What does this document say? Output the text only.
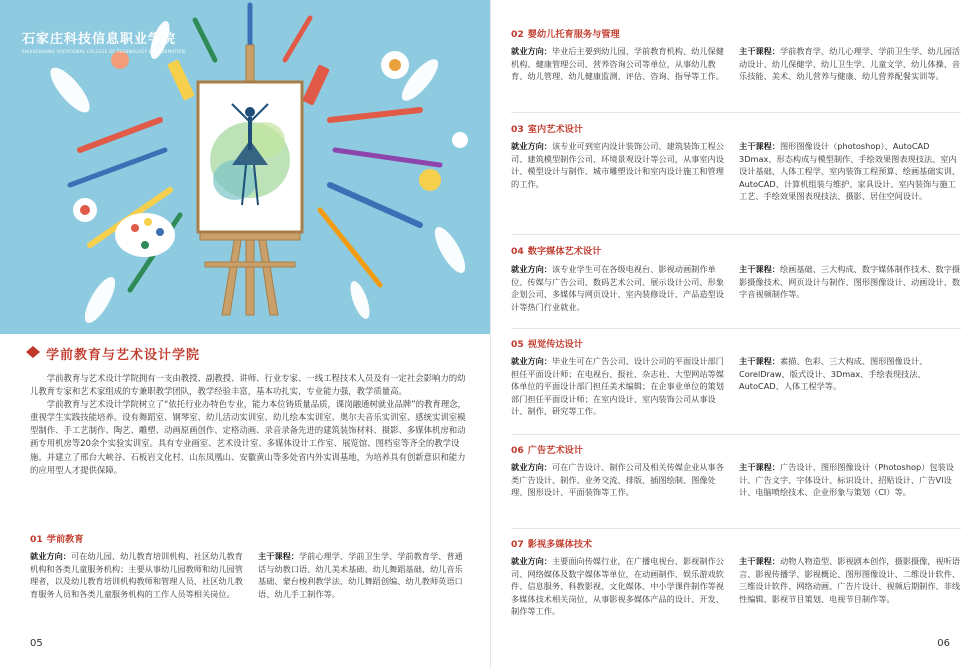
石家庄科技信息职业学院
SHIJIAZHUANG VOCATIONAL COLLEGE OF TECHNOLOGY & INFORMATION
学前教育与艺术设计学院

学前教育与艺术设计学院拥有一支由教授、副教授、讲师、行业专家、一线工程技术人员及有一定社会影响力的幼儿教育专家和艺术家组成的专兼职教学团队，教学经验丰富，基本功扎实，专业能力强，教学质量高。

学前教育与艺术设计学院树立了“依托行业办特色专业，能力本位铸质量品质，课岗融通树就业品牌”的教育理念，重视学生实践技能培养。设有舞蹈室、钢琴室、幼儿活动实训室、幼儿绘本实训室、奥尔夫音乐实训室、感统实训室模型制作、手工艺制作、陶艺、雕塑、动画原画创作、定格动画、录音录备先进的建筑装饰材料、摄影、多媒体机房和动画专用机房等20余个实验实训室。具有专业画室、艺术设计室、多媒体设计工作室、展览馆、图档室等齐全的教学设施。并建立了邢台大峡谷、石板岩文化村、山东凤凰山、安徽黄山等多处省内外实训基地，为培养具有创新意识和能力的应用型人才提供保障。

01 学前教育
就业方向：可在幼儿园、幼儿教育培训机构、社区幼儿教育机构和各类儿童服务机构；主要从事幼儿园教师和幼儿园管理者，以及幼儿教育培训机构教师和管理人员、社区幼儿教育服务人员和各类儿童服务机构的工作人员等相关岗位。
主干课程：学前心理学、学前卫生学、学前教育学、普通话与幼教口语、幼儿美术基础、幼儿舞蹈基础、幼儿音乐基础、蒙台梭利教学法、幼儿舞蹈创编、幼儿教师英语口语、幼儿手工制作等。
05
02 婴幼儿托育服务与管理
就业方向：毕业后主要到幼儿园、学前教育机构、幼儿保健机构、健康管理公司、营养咨询公司等单位，从事幼儿教育、幼儿管理、幼儿健康监测、评估、咨询、指导等工作。
主干课程：学前教育学、幼儿心理学、学前卫生学、幼儿园活动设计、幼儿保健学、幼儿卫生学、儿童文学、幼儿体操、音乐技能、美术、幼儿营养与健康、幼儿营养配餐实训等。
03 室内艺术设计
就业方向：该专业可到室内设计装饰公司、建筑装饰工程公司、建筑模型制作公司、环境景观设计等公司，从事室内设计、模型设计与制作、城市雕塑设计和室内设计施工和管理的工作。
主干课程：图形图像设计（photoshop）、AutoCAD 3Dmax、形态构成与模型制作、手绘效果图表现技法、室内设计基础、人体工程学、室内装饰工程预算、绘画基础实训、AutoCAD、计算机组装与维护、家具设计、室内装饰与施工工艺、手绘效果图表现技法、摄影、居住空间设计。
04 数字媒体艺术设计
就业方向：该专业学生可在各级电视台、影视动画制作单位、传媒与广告公司、数码艺术公司、展示设计公司、形象企划公司、多媒体与网页设计、室内装修设计、产品造型设计等热门行业就业。
主干课程：绘画基础、三大构成、数字媒体制作技术、数字摄影摄像技术、网页设计与制作、图形图像设计、动画设计、数字音视频制作等。
05 视觉传达设计
就业方向：毕业生可在广告公司、设计公司的平面设计部门担任平面设计师；在电视台、报社、杂志社、大型网站等媒体单位的平面设计部门担任美术编辑；在企事业单位的策划部门担任平面设计师；在室内设计、室内装饰公司从事设计、制作、研究等工作。
主干课程：素描、色彩、三大构成、图形图像设计、CorelDraw、版式设计、3Dmax、手绘表现技法、AutoCAD、人体工程学等。
06 广告艺术设计
就业方向：可在广告设计、制作公司及相关传媒企业从事各类广告设计、制作、业务交流、排版、插图绘制、图像处理、图形设计、平面装饰等工作。
主干课程：广告设计、图形图像设计（Photoshop）包装设计、广告文字、字体设计、标识设计、招贴设计、广告VI设计、电脑喷绘技术、企业形象与策划（CI）等。
07 影视多媒体技术
就业方向：主要面向传媒行业，在广播电视台、影视制作公司、网络媒体及数字媒体等单位，在动画制作、娱乐游戏软件、信息服务、科教影视、文化媒体、中小学课件制作等视多媒体技术相关岗位，从事影视多媒体产品的设计、开发、制作等工作。
主干课程：动物人物造型、影视剧本创作，摄影摄像，视听语言、影视传播学、影视概论、图形图像设计、二维设计软件、三维设计软件、网络动画、广告片设计、视频后期制作、非线性编辑、影视节目策划、电视节目制作等。
06
